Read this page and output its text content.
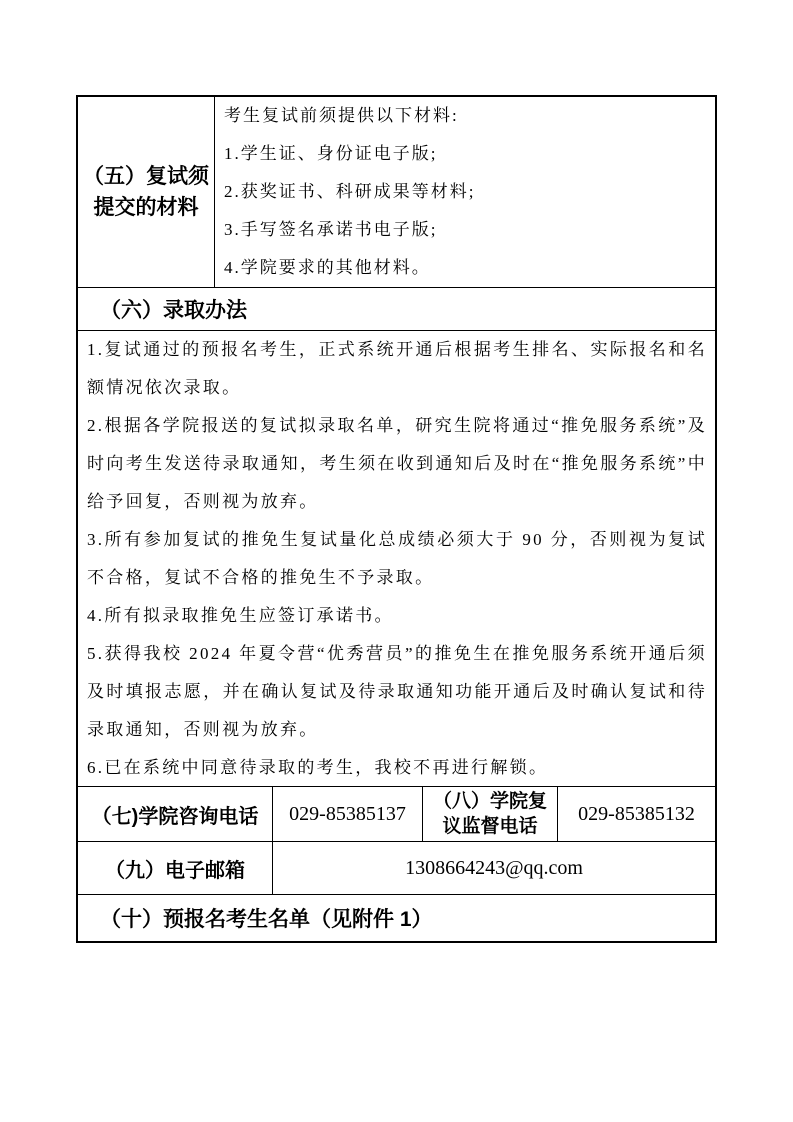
（五）复试须提交的材料

考生复试前须提供以下材料:

1.学生证、身份证电子版;

2.获奖证书、科研成果等材料;

3.手写签名承诺书电子版;

4.学院要求的其他材料。

（六）录取办法

1.复试通过的预报名考生，正式系统开通后根据考生排名、实际报名和名额情况依次录取。

2.根据各学院报送的复试拟录取名单，研究生院将通过“推免服务系统”及时向考生发送待录取通知，考生须在收到通知后及时在“推免服务系统”中给予回复，否则视为放弃。

3.所有参加复试的推免生复试量化总成绩必须大于 90 分，否则视为复试不合格，复试不合格的推免生不予录取。

4.所有拟录取推免生应签订承诺书。

5.获得我校 2024 年夏令营“优秀营员”的推免生在推免服务系统开通后须及时填报志愿，并在确认复试及待录取通知功能开通后及时确认复试和待录取通知，否则视为放弃。

6.已在系统中同意待录取的考生，我校不再进行解锁。

（七)学院咨询电话	029-85385137
（八）学院复议监督电话
029-85385132
（九）电子邮箱	1308664243@qq.com
（十）预报名考生名单（见附件 1）
